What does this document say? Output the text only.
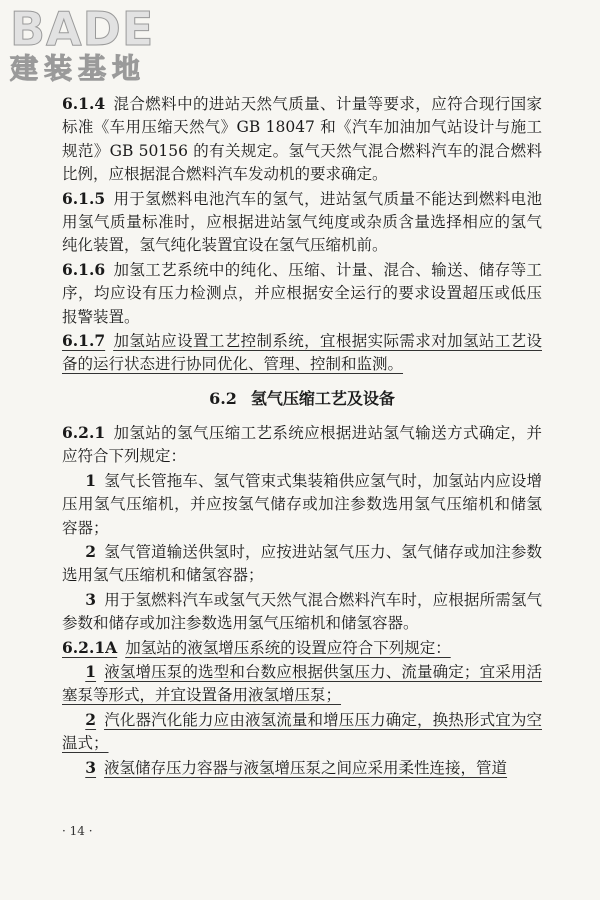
BADE
建装基地

6.1.4 混合燃料中的进站天然气质量、计量等要求，应符合现行国家标准《车用压缩天然气》GB 18047 和《汽车加油加气站设计与施工规范》GB 50156 的有关规定。氢气天然气混合燃料汽车的混合燃料比例，应根据混合燃料汽车发动机的要求确定。

6.1.5 用于氢燃料电池汽车的氢气，进站氢气质量不能达到燃料电池用氢气质量标准时，应根据进站氢气纯度或杂质含量选择相应的氢气纯化装置，氢气纯化装置宜设在氢气压缩机前。

6.1.6 加氢工艺系统中的纯化、压缩、计量、混合、输送、储存等工序，均应设有压力检测点，并应根据安全运行的要求设置超压或低压报警装置。

6.1.7 加氢站应设置工艺控制系统，宜根据实际需求对加氢站工艺设备的运行状态进行协同优化、管理、控制和监测。

6.2 氢气压缩工艺及设备

6.2.1 加氢站的氢气压缩工艺系统应根据进站氢气输送方式确定，并应符合下列规定：

1 氢气长管拖车、氢气管束式集装箱供应氢气时，加氢站内应设增压用氢气压缩机，并应按氢气储存或加注参数选用氢气压缩机和储氢容器；

2 氢气管道输送供氢时，应按进站氢气压力、氢气储存或加注参数选用氢气压缩机和储氢容器；

3 用于氢燃料汽车或氢气天然气混合燃料汽车时，应根据所需氢气参数和储存或加注参数选用氢气压缩机和储氢容器。

6.2.1A 加氢站的液氢增压系统的设置应符合下列规定：

1 液氢增压泵的选型和台数应根据供氢压力、流量确定；宜采用活塞泵等形式，并宜设置备用液氢增压泵；

2 汽化器汽化能力应由液氢流量和增压压力确定，换热形式宜为空温式；

3 液氢储存压力容器与液氢增压泵之间应采用柔性连接，管道

· 14 ·
